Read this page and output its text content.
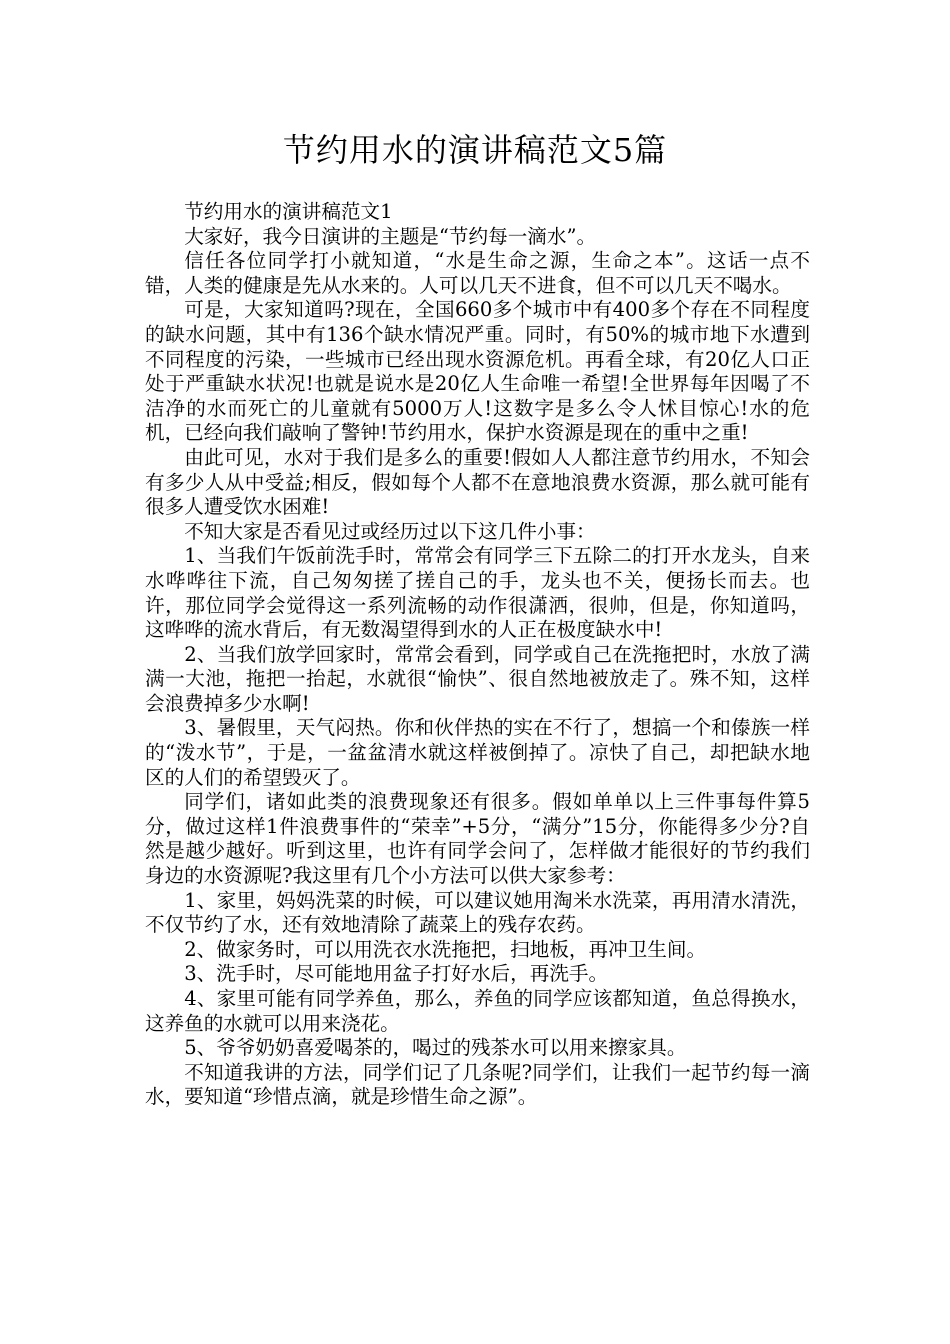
节约用水的演讲稿范文5篇

节约用水的演讲稿范文1

大家好，我今日演讲的主题是“节约每一滴水”。

信任各位同学打小就知道，“水是生命之源，生命之本”。这话一点不错，人类的健康是先从水来的。人可以几天不进食，但不可以几天不喝水。

可是，大家知道吗?现在，全国660多个城市中有400多个存在不同程度的缺水问题，其中有136个缺水情况严重。同时，有50%的城市地下水遭到不同程度的污染，一些城市已经出现水资源危机。再看全球，有20亿人口正处于严重缺水状况!也就是说水是20亿人生命唯一希望!全世界每年因喝了不洁净的水而死亡的儿童就有5000万人!这数字是多么令人怵目惊心!水的危机，已经向我们敲响了警钟!节约用水，保护水资源是现在的重中之重!

由此可见，水对于我们是多么的重要!假如人人都注意节约用水，不知会有多少人从中受益;相反，假如每个人都不在意地浪费水资源，那么就可能有很多人遭受饮水困难!

不知大家是否看见过或经历过以下这几件小事：

1、当我们午饭前洗手时，常常会有同学三下五除二的打开水龙头，自来水哗哗往下流，自己匆匆搓了搓自己的手，龙头也不关，便扬长而去。也许，那位同学会觉得这一系列流畅的动作很潇洒，很帅，但是，你知道吗，这哗哗的流水背后，有无数渴望得到水的人正在极度缺水中!

2、当我们放学回家时，常常会看到，同学或自己在洗拖把时，水放了满满一大池，拖把一抬起，水就很“愉快”、很自然地被放走了。殊不知，这样会浪费掉多少水啊!

3、暑假里，天气闷热。你和伙伴热的实在不行了，想搞一个和傣族一样的“泼水节”，于是，一盆盆清水就这样被倒掉了。凉快了自己，却把缺水地区的人们的希望毁灭了。

同学们，诸如此类的浪费现象还有很多。假如单单以上三件事每件算5分，做过这样1件浪费事件的“荣幸”+5分，“满分”15分，你能得多少分?自然是越少越好。听到这里，也许有同学会问了，怎样做才能很好的节约我们身边的水资源呢?我这里有几个小方法可以供大家参考：

1、家里，妈妈洗菜的时候，可以建议她用淘米水洗菜，再用清水清洗，不仅节约了水，还有效地清除了蔬菜上的残存农药。

2、做家务时，可以用洗衣水洗拖把，扫地板，再冲卫生间。

3、洗手时，尽可能地用盆子打好水后，再洗手。

4、家里可能有同学养鱼，那么，养鱼的同学应该都知道，鱼总得换水，这养鱼的水就可以用来浇花。

5、爷爷奶奶喜爱喝茶的，喝过的残茶水可以用来擦家具。

不知道我讲的方法，同学们记了几条呢?同学们，让我们一起节约每一滴水，要知道“珍惜点滴，就是珍惜生命之源”。
